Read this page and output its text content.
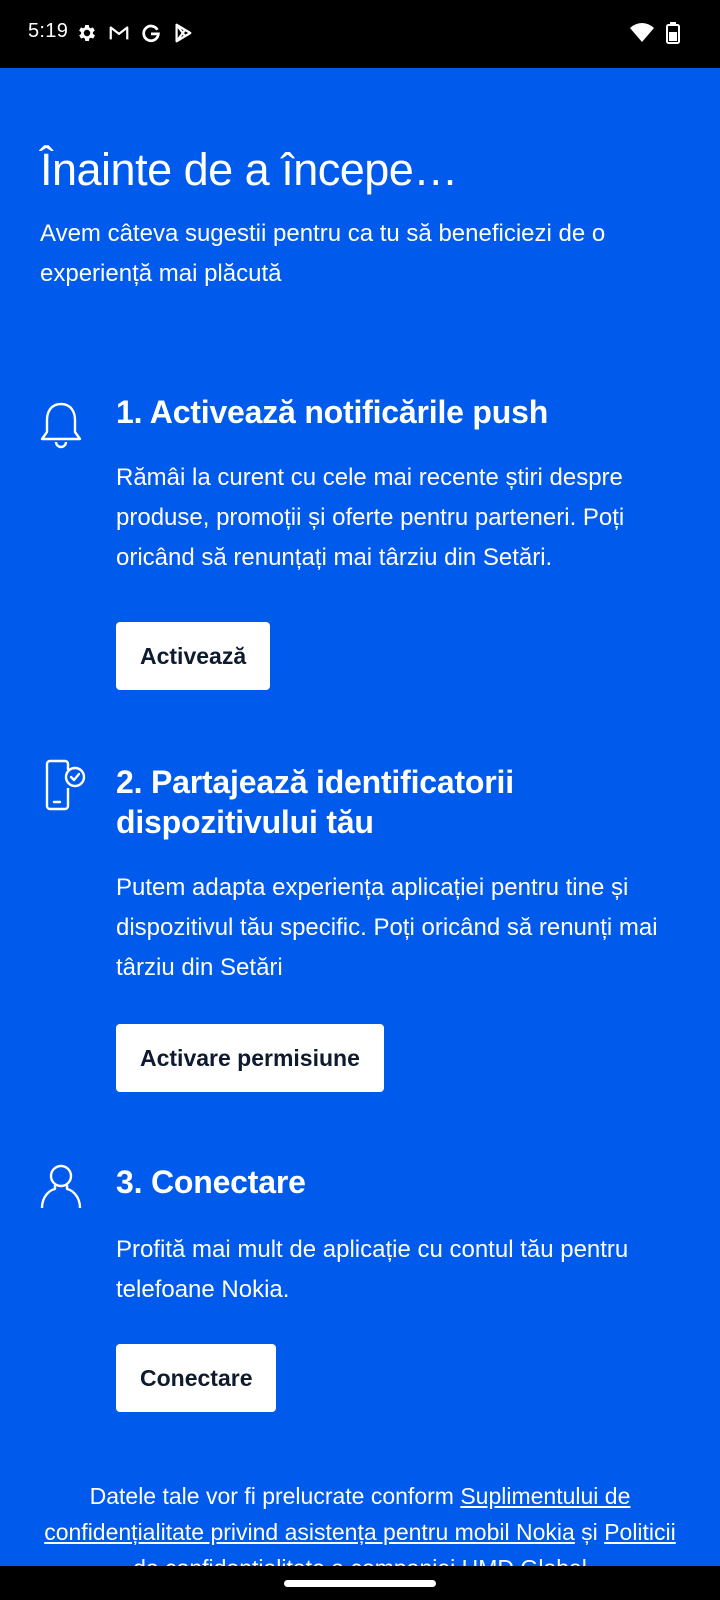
5:19
Înainte de a începe…

Avem câteva sugestii pentru ca tu să beneficiezi de o experiență mai plăcută

1. Activează notificările push

Rămâi la curent cu cele mai recente știri despre produse, promoții și oferte pentru parteneri. Poți oricând să renunțați mai târziu din Setări.

Activează
2. Partajează identificatorii dispozitivului tău

Putem adapta experiența aplicației pentru tine și dispozitivul tău specific. Poți oricând să renunți mai târziu din Setări

Activare permisiune
3. Conectare

Profită mai mult de aplicație cu contul tău pentru telefoane Nokia.

Conectare

Datele tale vor fi prelucrate conform Suplimentului de confidențialitate privind asistența pentru mobil Nokia și Politicii
